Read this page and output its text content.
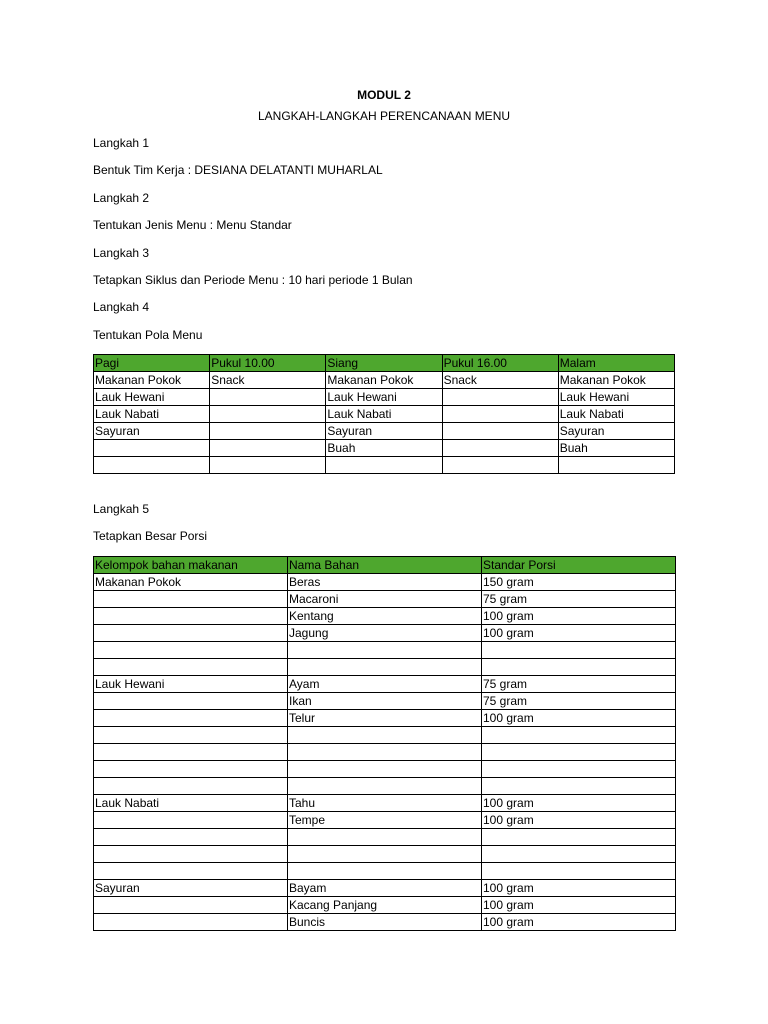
MODUL 2
LANGKAH-LANGKAH PERENCANAAN MENU
Langkah 1
Bentuk Tim Kerja : DESIANA DELATANTI MUHARLAL
Langkah 2
Tentukan Jenis Menu : Menu Standar
Langkah 3
Tetapkan Siklus dan Periode Menu : 10 hari periode 1 Bulan
Langkah 4
Tentukan Pola Menu
Pagi	Pukul 10.00	Siang	Pukul 16.00	Malam
Makanan Pokok	Snack	Makanan Pokok	Snack	Makanan Pokok
Lauk Hewani		Lauk Hewani		Lauk Hewani
Lauk Nabati		Lauk Nabati		Lauk Nabati
Sayuran		Sayuran		Sayuran
		Buah		Buah

Langkah 5
Tetapkan Besar Porsi
Kelompok bahan makanan	Nama Bahan	Standar Porsi
Makanan Pokok	Beras	150 gram
	Macaroni	75 gram
	Kentang	100 gram
	Jagung	100 gram

Lauk Hewani	Ayam	75 gram
	Ikan	75 gram
	Telur	100 gram

Lauk Nabati	Tahu	100 gram
	Tempe	100 gram

Sayuran	Bayam	100 gram
	Kacang Panjang	100 gram
	Buncis	100 gram
